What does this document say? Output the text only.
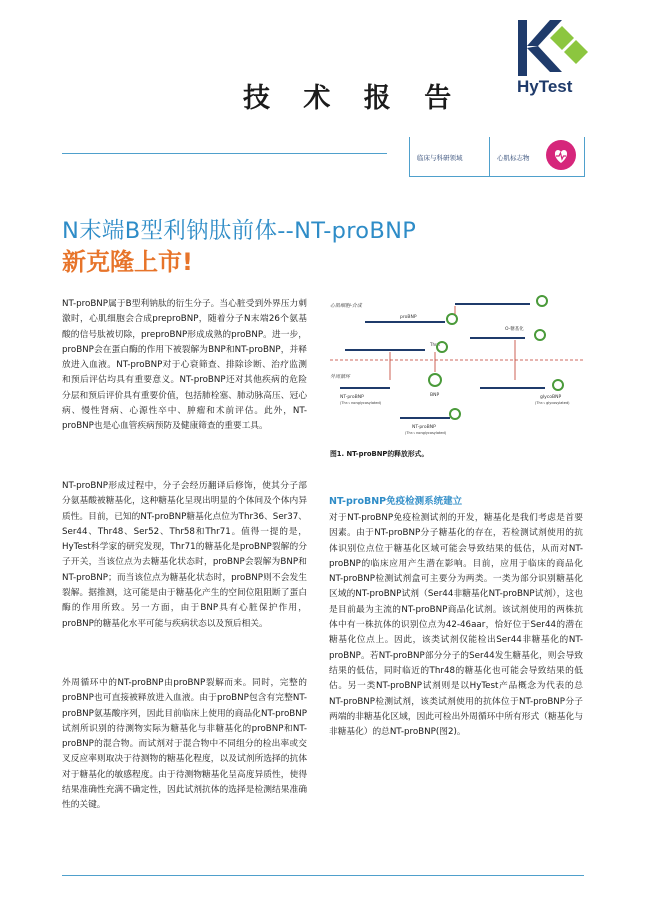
技 术 报 告	HyTest
临床与科研领域	心肌标志物
N末端B型利钠肽前体--NT-proBNP
新克隆上市!

NT-proBNP属于B型利钠肽的衍生分子。当心脏受到外界压力刺激时，心肌细胞会合成preproBNP，随着分子N末端26个氨基酸的信号肽被切除，preproBNP形成成熟的proBNP。进一步，proBNP会在蛋白酶的作用下被裂解为BNP和NT-proBNP，并释放进入血液。NT-proBNP对于心衰筛查、排除诊断、治疗监测和预后评估均具有重要意义。NT-proBNP还对其他疾病的危险分层和预后评价具有重要价值，包括肺栓塞、肺动脉高压、冠心病、慢性肾病、心源性卒中、肿瘤和术前评估。此外，NT-proBNP也是心血管疾病预防及健康筛查的重要工具。

NT-proBNP形成过程中，分子会经历翻译后修饰，使其分子部分氨基酸被糖基化，这种糖基化呈现出明显的个体间及个体内异质性。目前，已知的NT-proBNP糖基化点位为Thr36、Ser37、Ser44、Thr48、Ser52、Thr58和Thr71。值得一提的是，HyTest科学家的研究发现，Thr71的糖基化是proBNP裂解的分子开关，当该位点为去糖基化状态时，proBNP会裂解为BNP和NT-proBNP；而当该位点为糖基化状态时，proBNP则不会发生裂解。据推测，这可能是由于糖基化产生的空间位阻阻断了蛋白酶的作用所致。另一方面，由于BNP具有心脏保护作用，proBNP的糖基化水平可能与疾病状态以及预后相关。

外周循环中的NT-proBNP由proBNP裂解而来。同时，完整的proBNP也可直接被释放进入血液。由于proBNP包含有完整NT-proBNP氨基酸序列，因此目前临床上使用的商品化NT-proBNP试剂所识别的待测物实际为糖基化与非糖基化的proBNP和NT-proBNP的混合物。而试剂对于混合物中不同组分的检出率或交叉反应率则取决于待测物的糖基化程度，以及试剂所选择的抗体对于糖基化的敏感程度。由于待测物糖基化呈高度异质性，使得结果准确性充满不确定性，因此试剂抗体的选择是检测结果准确性的关键。

心肌细胞-合成
外周循环
proBNP
O-糖基化
Thr₇₁
NT-proBNP
(Thr₇₁ nonglycosylated)
BNP	glycoBNP
(Thr₇₁ glycosylated)
NT-proBNP
(Thr₇₁ nonglycosylated)
图1. NT-proBNP的释放形式。
NT-proBNP免疫检测系统建立

对于NT-proBNP免疫检测试剂的开发，糖基化是我们考虑是首要因素。由于NT-proBNP分子糖基化的存在，若检测试剂使用的抗体识别位点位于糖基化区域可能会导致结果的低估，从而对NT-proBNP的临床应用产生潜在影响。目前，应用于临床的商品化NT-proBNP检测试剂盒可主要分为两类。一类为部分识别糖基化区域的NT-proBNP试剂（Ser44非糖基化NT-proBNP试剂），这也是目前最为主流的NT-proBNP商品化试剂。该试剂使用的两株抗体中有一株抗体的识别位点为42-46aar，恰好位于Ser44的潜在糖基化位点上。因此，该类试剂仅能检出Ser44非糖基化的NT-proBNP。若NT-proBNP部分分子的Ser44发生糖基化，则会导致结果的低估，同时临近的Thr48的糖基化也可能会导致结果的低估。另一类NT-proBNP试剂则是以HyTest产品概念为代表的总NT-proBNP检测试剂，该类试剂使用的抗体位于NT-proBNP分子两端的非糖基化区域，因此可检出外周循环中所有形式（糖基化与非糖基化）的总NT-proBNP(图2)。
